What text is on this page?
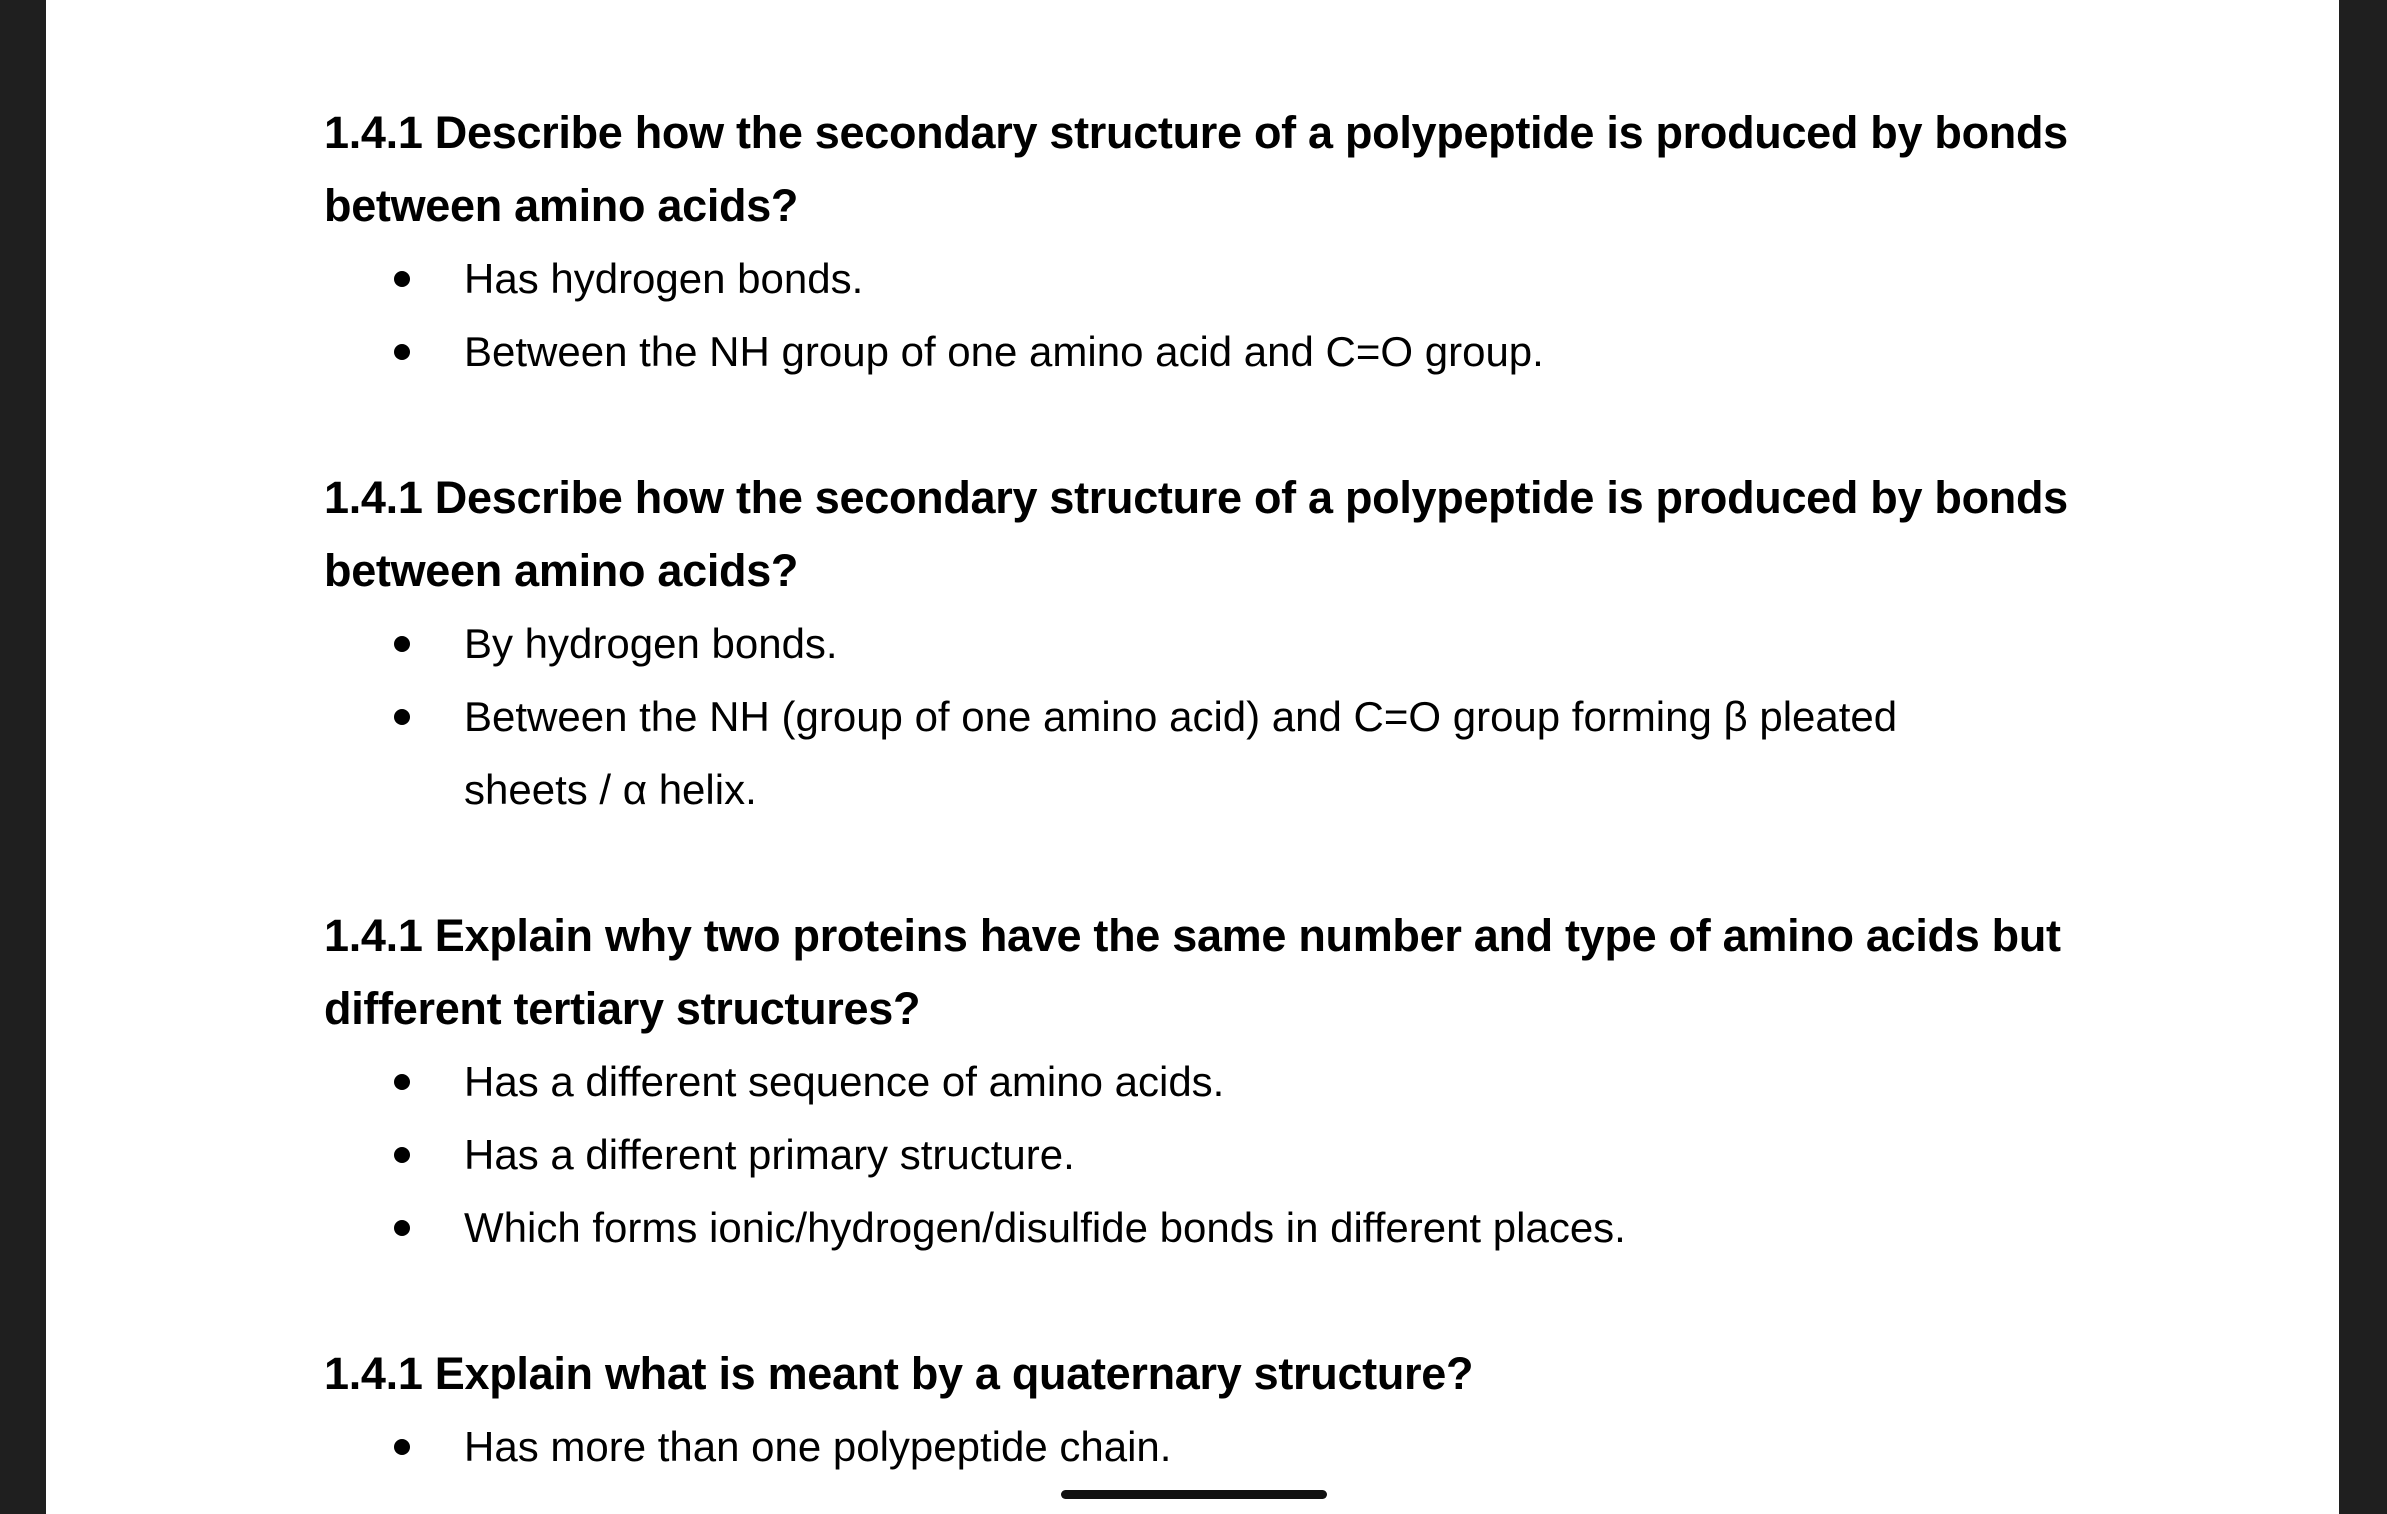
1.4.1 Describe how the secondary structure of a polypeptide is produced by bonds between amino acids?

Has hydrogen bonds.
Between the NH group of one amino acid and C=O group.

1.4.1 Describe how the secondary structure of a polypeptide is produced by bonds between amino acids?

By hydrogen bonds.
Between the NH (group of one amino acid) and C=O group forming β pleated sheets / α helix.

1.4.1 Explain why two proteins have the same number and type of amino acids but different tertiary structures?

Has a different sequence of amino acids.
Has a different primary structure.
Which forms ionic/hydrogen/disulfide bonds in different places.

1.4.1 Explain what is meant by a quaternary structure?

Has more than one polypeptide chain.
